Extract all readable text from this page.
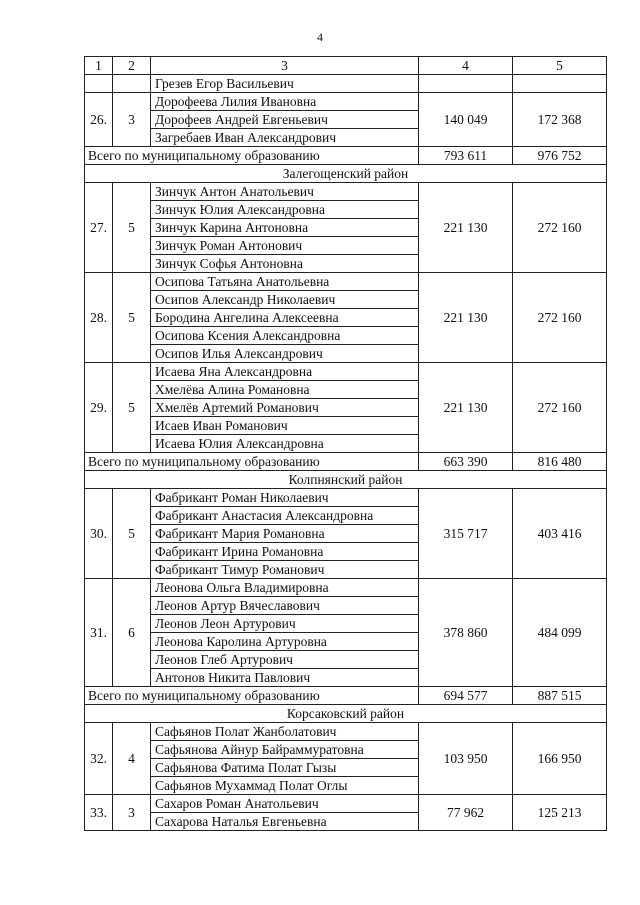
4
1	2	3	4	5
		Грезев Егор Васильевич		
26.	3	Дорофеева Лилия Ивановна	140 049	172 368
		Дорофеев Андрей Евгеньевич		
		Загребаев Иван Александрович		
Всего по муниципальному образованию			793 611	976 752
Залегощенский район				
27.	5	Зинчук Антон Анатольевич	221 130	272 160
		Зинчук Юлия Александровна		
		Зинчук Карина Антоновна		
		Зинчук Роман Антонович		
		Зинчук Софья Антоновна		
28.	5	Осипова Татьяна Анатольевна	221 130	272 160
		Осипов Александр Николаевич		
		Бородина Ангелина Алексеевна		
		Осипова Ксения Александровна		
		Осипов Илья Александрович		
29.	5	Исаева Яна Александровна	221 130	272 160
		Хмелёва Алина Романовна		
		Хмелёв Артемий Романович		
		Исаев Иван Романович		
		Исаева Юлия Александровна		
Всего по муниципальному образованию			663 390	816 480
Колпнянский район				
30.	5	Фабрикант Роман Николаевич	315 717	403 416
		Фабрикант Анастасия Александровна		
		Фабрикант Мария Романовна		
		Фабрикант Ирина Романовна		
		Фабрикант Тимур Романович		
31.	6	Леонова Ольга Владимировна	378 860	484 099
		Леонов Артур Вячеславович		
		Леонов Леон Артурович		
		Леонова Каролина Артуровна		
		Леонов Глеб Артурович		
		Антонов Никита Павлович		
Всего по муниципальному образованию			694 577	887 515
Корсаковский район				
32.	4	Сафьянов Полат Жанболатович	103 950	166 950
		Сафьянова Айнур Байраммуратовна		
		Сафьянова Фатима Полат Гызы		
		Сафьянов Мухаммад Полат Оглы		
33.	3	Сахаров Роман Анатольевич	77 962	125 213
		Сахарова Наталья Евгеньевна		
